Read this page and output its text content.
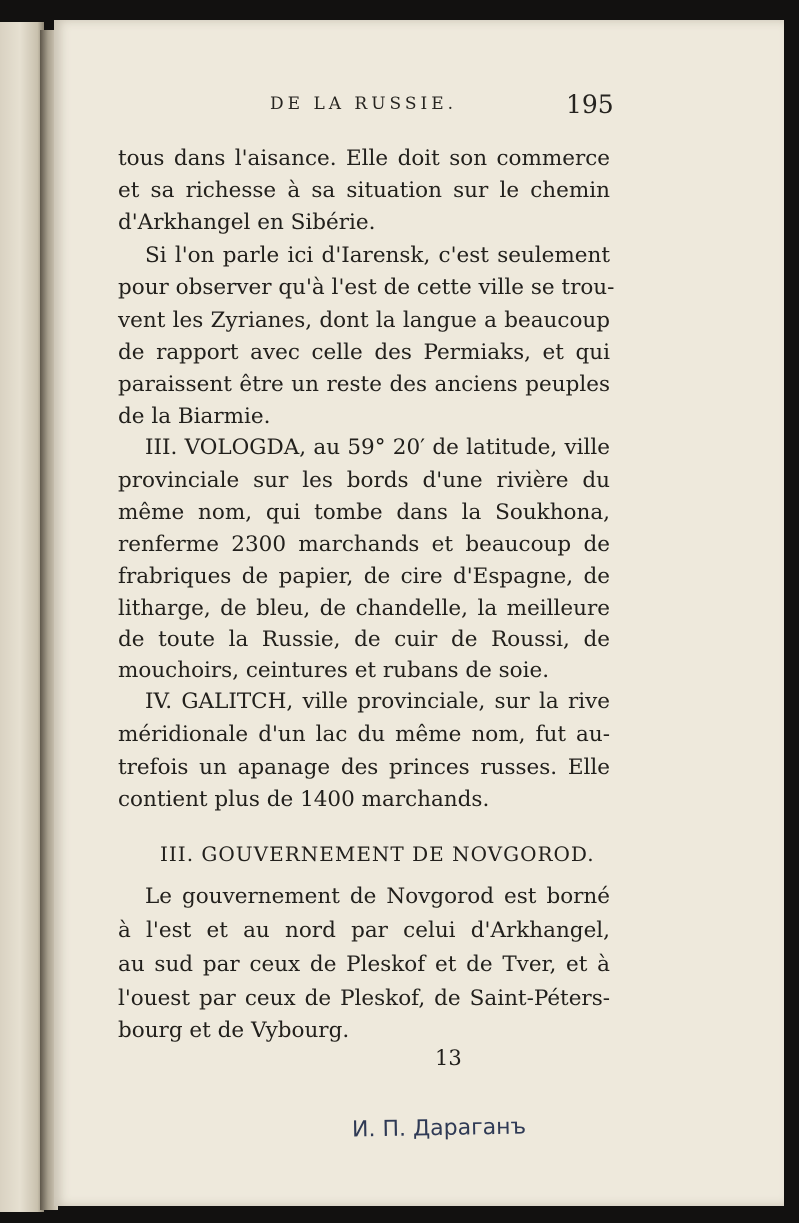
DE LA RUSSIE.	195
tous dans l'aisance. Elle doit son commerce
et sa richesse à sa situation sur le chemin
d'Arkhangel en Sibérie.
Si l'on parle ici d'Iarensk, c'est seulement
pour observer qu'à l'est de cette ville se trou-
vent les Zyrianes, dont la langue a beaucoup
de rapport avec celle des Permiaks, et qui
paraissent être un reste des anciens peuples
de la Biarmie.
III. VOLOGDA, au 59° 20′ de latitude, ville
provinciale sur les bords d'une rivière du
même nom, qui tombe dans la Soukhona,
renferme 2300 marchands et beaucoup de
frabriques de papier, de cire d'Espagne, de
litharge, de bleu, de chandelle, la meilleure
de toute la Russie, de cuir de Roussi, de
mouchoirs, ceintures et rubans de soie.
IV. GALITCH, ville provinciale, sur la rive
méridionale d'un lac du même nom, fut au-
trefois un apanage des princes russes. Elle
contient plus de 1400 marchands.
III. GOUVERNEMENT DE NOVGOROD.
Le gouvernement de Novgorod est borné
à l'est et au nord par celui d'Arkhangel,
au sud par ceux de Pleskof et de Tver, et à
l'ouest par ceux de Pleskof, de Saint-Péters-
bourg et de Vybourg.
13
И. П. Дараганъ
